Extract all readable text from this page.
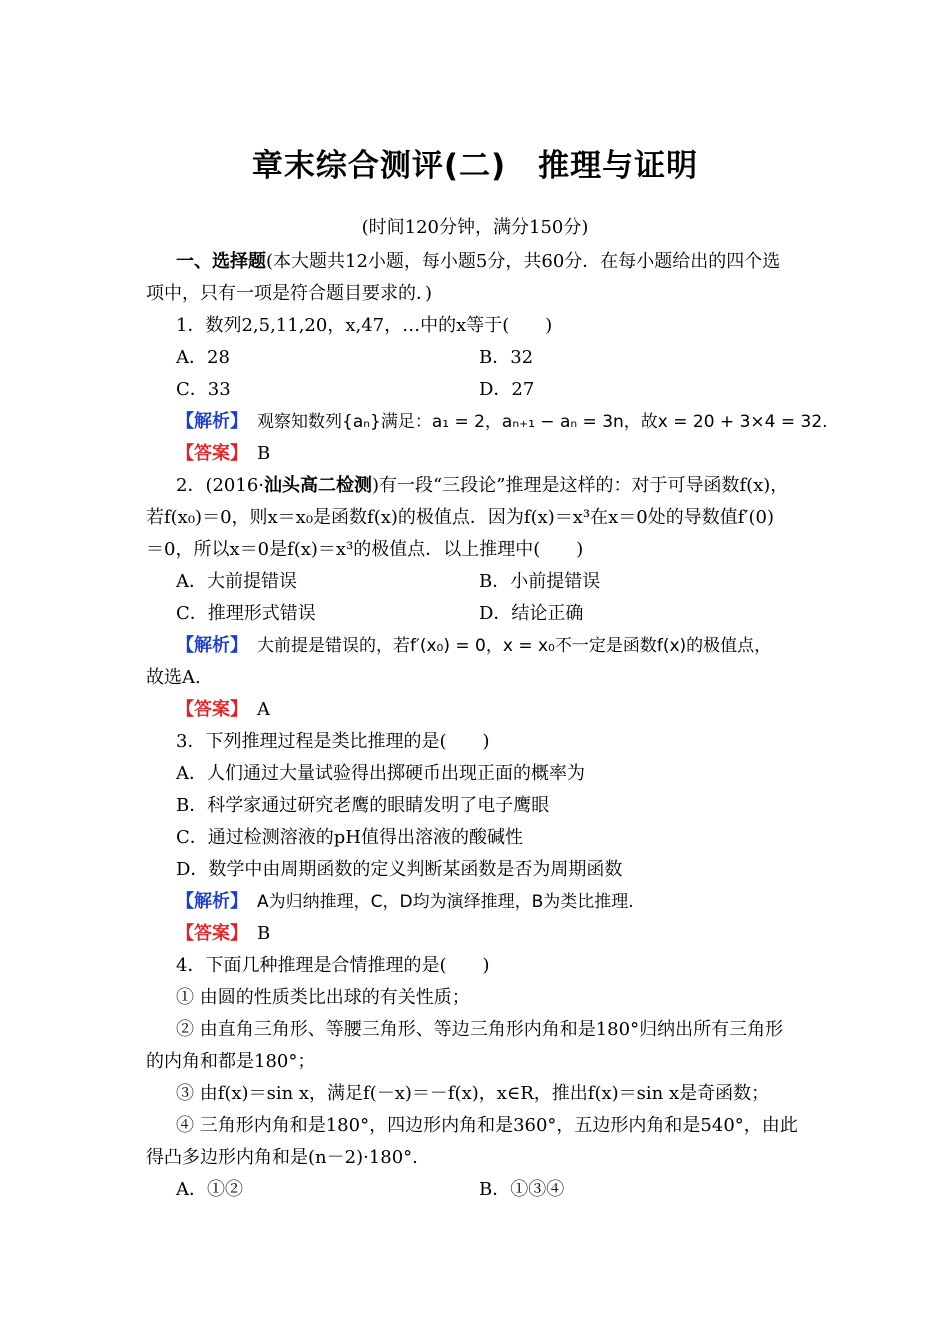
章末综合测评(二)　推理与证明
(时间120分钟，满分150分)
一、选择题(本大题共12小题，每小题5分，共60分．在每小题给出的四个选
项中，只有一项是符合题目要求的．)
1．数列2,5,11,20，x,47，…中的x等于(　　)
A．28	B．32
C．33	D．27
【解析】　 观察知数列{aₙ}满足：a₁ = 2，aₙ₊₁ − aₙ = 3n，故x = 20 + 3×4 = 32.
【答案】　 B
2．(2016·汕头高二检测)有一段“三段论”推理是这样的：对于可导函数f(x)，
若f(x₀)＝0，则x＝x₀是函数f(x)的极值点．因为f(x)＝x³在x＝0处的导数值f′(0)
＝0，所以x＝0是f(x)＝x³的极值点．以上推理中(　　)
A．大前提错误	B．小前提错误
C．推理形式错误	D．结论正确
【解析】　 大前提是错误的，若f′(x₀) = 0，x = x₀不一定是函数f(x)的极值点，
故选A.
【答案】　 A
3．下列推理过程是类比推理的是(　　)
A．人们通过大量试验得出掷硬币出现正面的概率为
B．科学家通过研究老鹰的眼睛发明了电子鹰眼
C．通过检测溶液的pH值得出溶液的酸碱性
D．数学中由周期函数的定义判断某函数是否为周期函数
【解析】　 A为归纳推理，C，D均为演绎推理，B为类比推理.
【答案】　 B
4．下面几种推理是合情推理的是(　　)
① 由圆的性质类比出球的有关性质；
② 由直角三角形、等腰三角形、等边三角形内角和是180°归纳出所有三角形
的内角和都是180°；
③ 由f(x)＝sin x，满足f(－x)＝－f(x)，x∈R，推出f(x)＝sin x是奇函数；
④ 三角形内角和是180°，四边形内角和是360°，五边形内角和是540°，由此
得凸多边形内角和是(n－2)·180°.
A．①②	B．①③④
